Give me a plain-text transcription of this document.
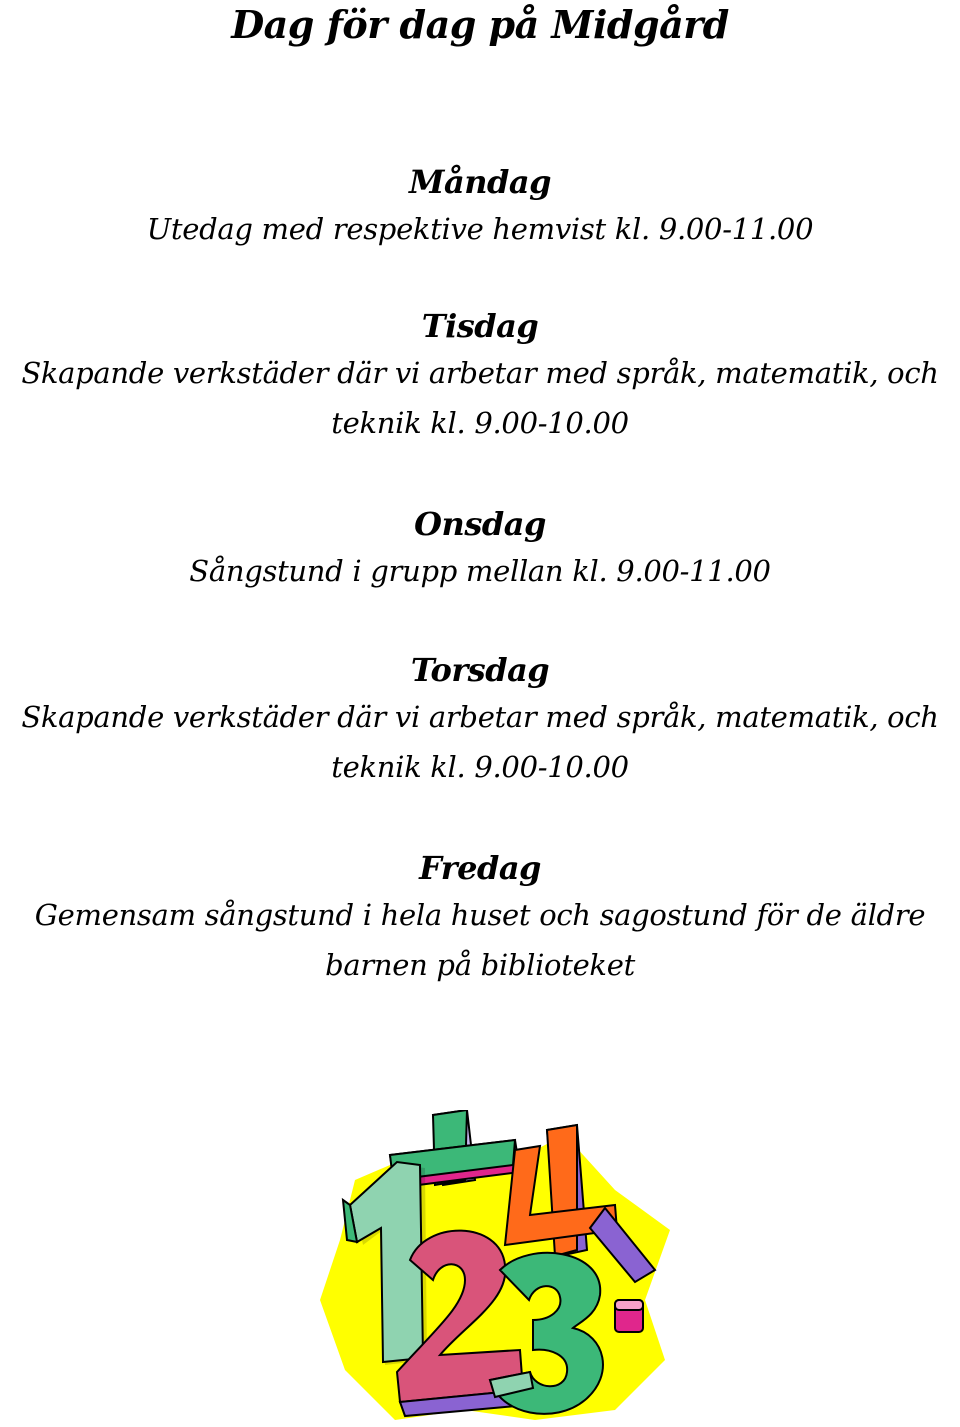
Dag för dag på Midgård
Måndag
Utedag med respektive hemvist kl. 9.00-11.00
Tisdag
Skapande verkstäder där vi arbetar med språk, matematik, och teknik kl. 9.00-10.00
Onsdag
Sångstund i grupp mellan kl. 9.00-11.00
Torsdag
Skapande verkstäder där vi arbetar med språk, matematik, och teknik kl. 9.00-10.00
Fredag
Gemensam sångstund i hela huset och sagostund för de äldre barnen på biblioteket
